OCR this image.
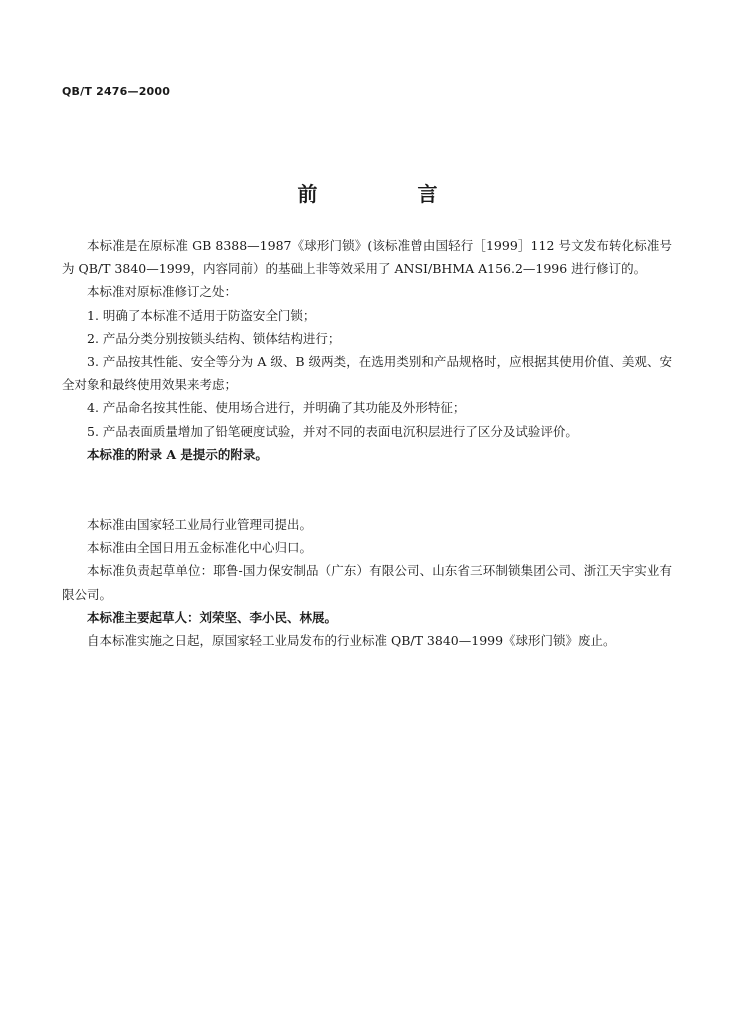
QB/T 2476—2000
前　言

本标准是在原标准 GB 8388—1987《球形门锁》(该标准曾由国轻行［1999］112 号文发布转化标准号为 QB/T 3840—1999，内容同前）的基础上非等效采用了 ANSI/BHMA A156.2—1996 进行修订的。

本标准对原标准修订之处：

1. 明确了本标准不适用于防盗安全门锁；

2. 产品分类分别按锁头结构、锁体结构进行；

3. 产品按其性能、安全等分为 A 级、B 级两类，在选用类别和产品规格时，应根据其使用价值、美观、安全对象和最终使用效果来考虑；

4. 产品命名按其性能、使用场合进行，并明确了其功能及外形特征；

5. 产品表面质量增加了铅笔硬度试验，并对不同的表面电沉积层进行了区分及试验评价。

本标准的附录 A 是提示的附录。

本标准由国家轻工业局行业管理司提出。

本标准由全国日用五金标准化中心归口。

本标准负责起草单位：耶鲁-国力保安制品（广东）有限公司、山东省三环制锁集团公司、浙江天宇实业有限公司。

本标准主要起草人：刘荣坚、李小民、林展。

自本标准实施之日起，原国家轻工业局发布的行业标准 QB/T 3840—1999《球形门锁》废止。
